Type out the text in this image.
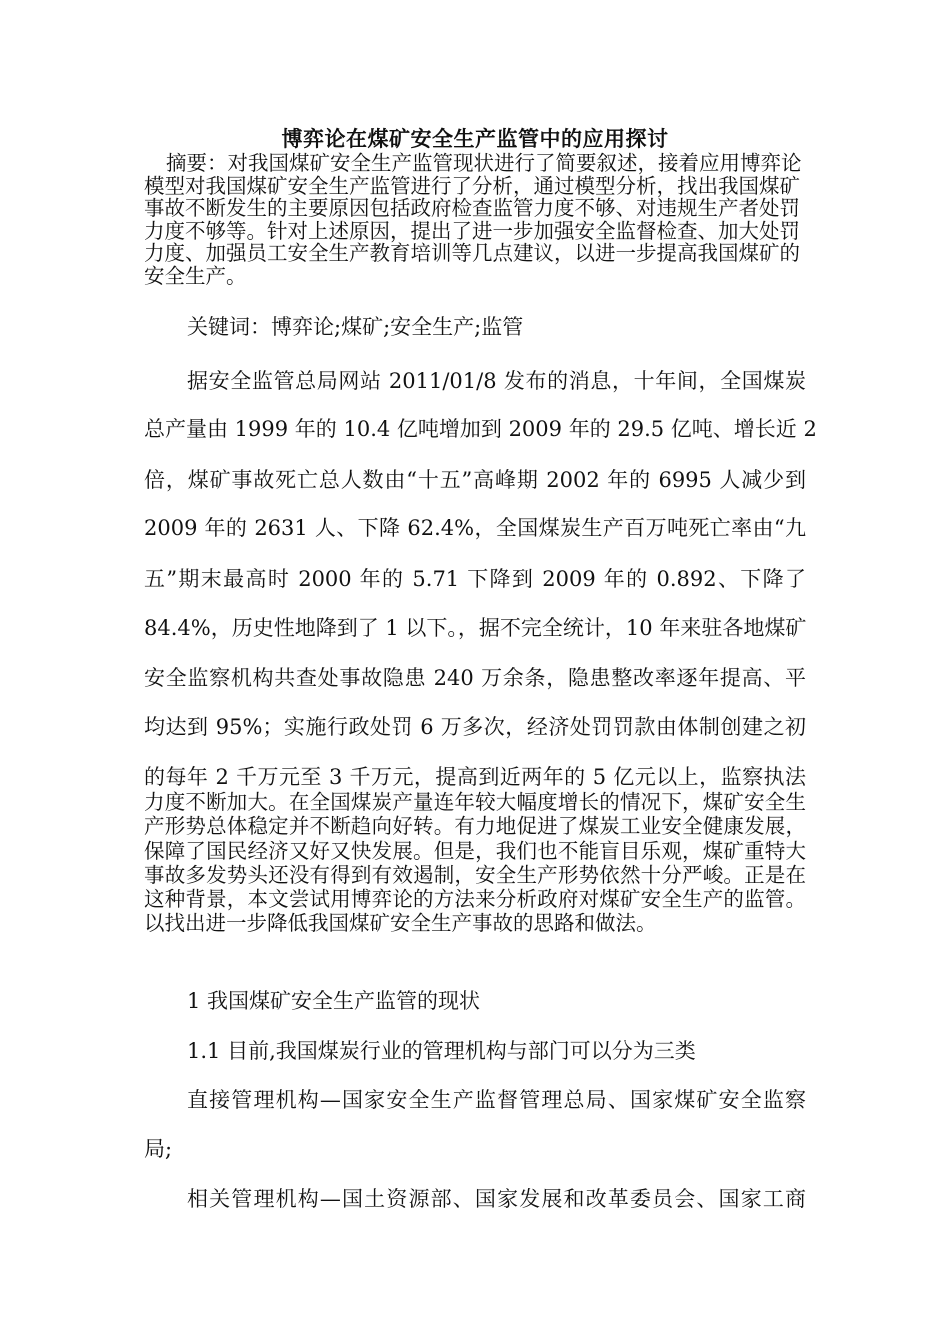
博弈论在煤矿安全生产监管中的应用探讨

摘要：对我国煤矿安全生产监管现状进行了简要叙述，接着应用博弈论模型对我国煤矿安全生产监管进行了分析，通过模型分析，找出我国煤矿事故不断发生的主要原因包括政府检查监管力度不够、对违规生产者处罚力度不够等。针对上述原因，提出了进一步加强安全监督检查、加大处罚力度、加强员工安全生产教育培训等几点建议，以进一步提高我国煤矿的安全生产。

关键词：博弈论;煤矿;安全生产;监管
据安全监管总局网站 2011/01/8 发布的消息，十年间，全国煤炭
总产量由 1999 年的 10.4 亿吨增加到 2009 年的 29.5 亿吨、增长近 2
倍，煤矿事故死亡总人数由“十五”高峰期 2002 年的 6995 人减少到
2009 年的 2631 人、下降 62.4%，全国煤炭生产百万吨死亡率由“九
五”期末最高时 2000 年的 5.71 下降到 2009 年的 0.892、下降了
84.4%，历史性地降到了 1 以下。，据不完全统计，10 年来驻各地煤矿
安全监察机构共查处事故隐患 240 万余条，隐患整改率逐年提高、平
均达到 95%；实施行政处罚 6 万多次，经济处罚罚款由体制创建之初
的每年 2 千万元至 3 千万元，提高到近两年的 5 亿元以上，监察执法

力度不断加大。在全国煤炭产量连年较大幅度增长的情况下，煤矿安全生产形势总体稳定并不断趋向好转。有力地促进了煤炭工业安全健康发展，保障了国民经济又好又快发展。但是，我们也不能盲目乐观，煤矿重特大事故多发势头还没有得到有效遏制，安全生产形势依然十分严峻。正是在这种背景，本文尝试用博弈论的方法来分析政府对煤矿安全生产的监管。以找出进一步降低我国煤矿安全生产事故的思路和做法。

1 我国煤矿安全生产监管的现状
1.1 目前,我国煤炭行业的管理机构与部门可以分为三类
直接管理机构—国家安全生产监督管理总局、国家煤矿安全监察
局;
相关管理机构—国土资源部、国家发展和改革委员会、国家工商
